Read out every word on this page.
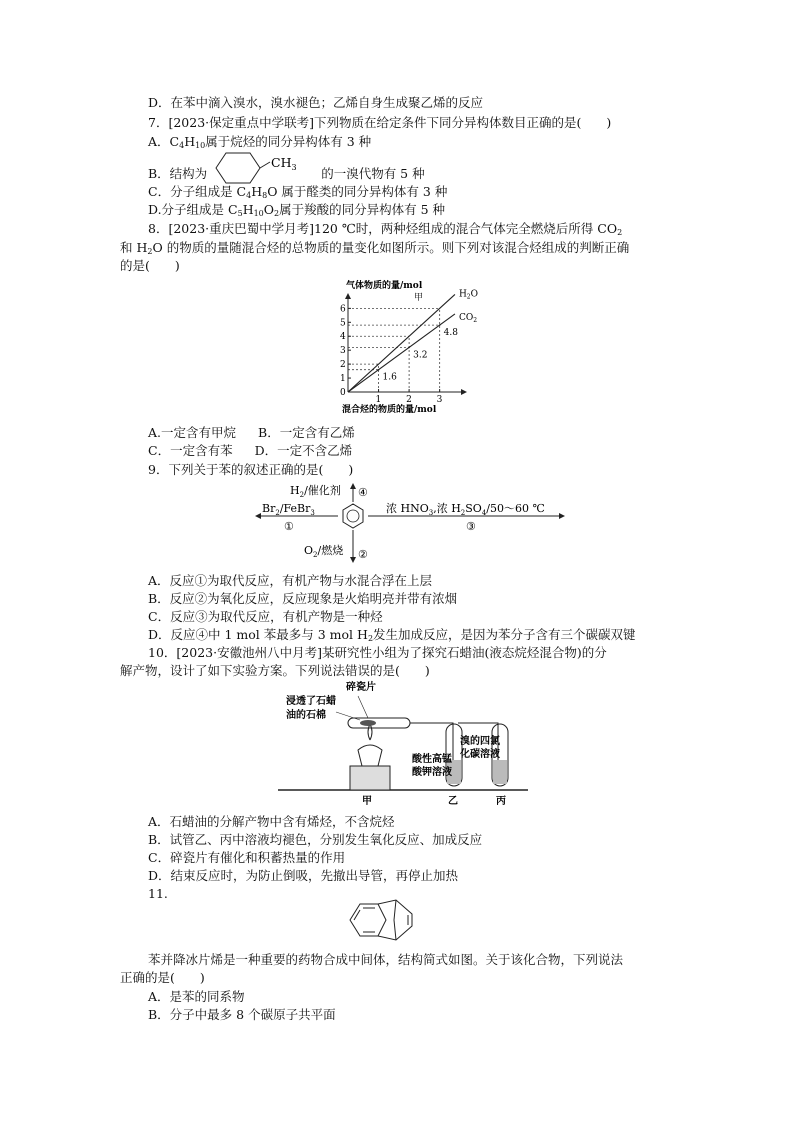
D．在苯中滴入溴水，溴水褪色；乙烯自身生成聚乙烯的反应
7．[2023·保定重点中学联考]下列物质在给定条件下同分异构体数目正确的是(　　)
A．C4H10属于烷烃的同分异构体有 3 种
B．结构为	的一溴代物有 5 种
$CH_3$
C．分子组成是 C4H8O 属于醛类的同分异构体有 3 种
D.分子组成是 C5H10O2属于羧酸的同分异构体有 5 种
8．[2023·重庆巴蜀中学月考]120 ℃时，两种烃组成的混合气体完全燃烧后所得 CO2
和 H2O 的物质的量随混合烃的总物质的量变化如图所示。则下列对该混合烃组成的判断正确
的是(　　)
气体物质的量/mol
甲	$H_2O$
$CO_2$
1.6
3.2
4.8
1
2
3
4
5
6
0
1	2	3
混合烃的物质的量/mol
A.一定含有甲烷 B．一定含有乙烯
C．一定含有苯 D．一定不含乙烯
9．下列关于苯的叙述正确的是(　　)
$H_2/$催化剂 ④
$Br_2/FeBr_3$
①
$O_2/$燃烧 ②
浓 $HNO_3$,浓 $H_2SO_4/50\sim 60$ ℃
③
A．反应①为取代反应，有机产物与水混合浮在上层
B．反应②为氧化反应，反应现象是火焰明亮并带有浓烟
C．反应③为取代反应，有机产物是一种烃
D．反应④中 1 mol 苯最多与 3 mol H2发生加成反应，是因为苯分子含有三个碳碳双键
10．[2023·安徽池州八中月考]某研究性小组为了探究石蜡油(液态烷烃混合物)的分
解产物，设计了如下实验方案。下列说法错误的是(　　)
碎瓷片
浸透了石蜡
油的石棉
酸性高锰
酸钾溶液
溴的四氯
化碳溶液
甲	乙	丙
A．石蜡油的分解产物中含有烯烃，不含烷烃
B．试管乙、丙中溶液均褪色，分别发生氧化反应、加成反应
C．碎瓷片有催化和积蓄热量的作用
D．结束反应时，为防止倒吸，先撤出导管，再停止加热
11.
苯并降冰片烯是一种重要的药物合成中间体，结构简式如图。关于该化合物，下列说法
正确的是(　　)
A．是苯的同系物
B．分子中最多 8 个碳原子共平面
